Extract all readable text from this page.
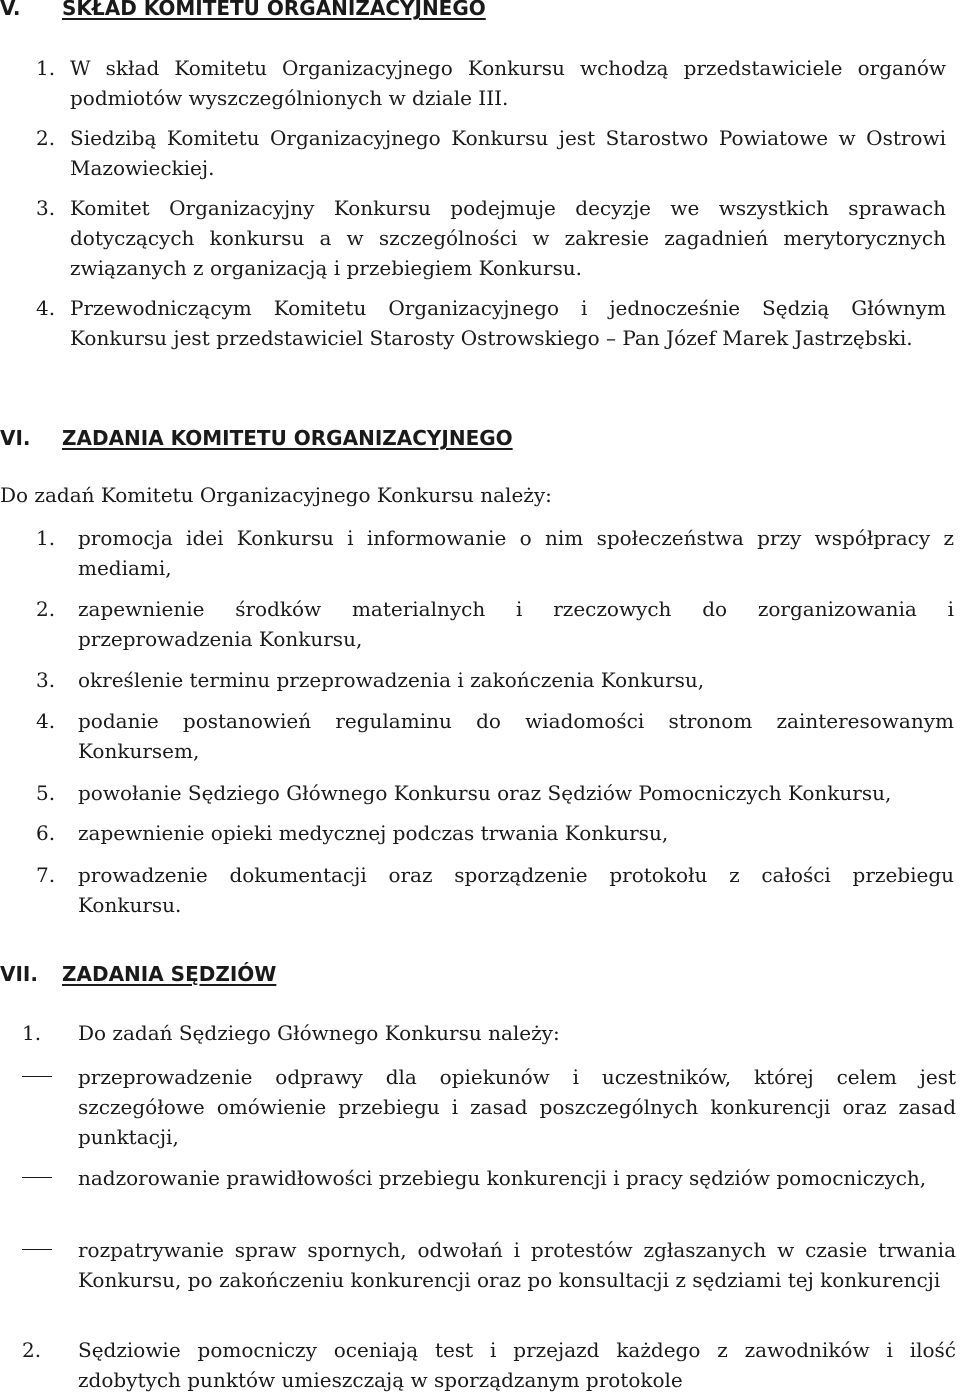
V. SKŁAD KOMITETU ORGANIZACYJNEGO
1. W skład Komitetu Organizacyjnego Konkursu wchodzą przedstawiciele organów podmiotów wyszczególnionych w dziale III.
2. Siedzibą Komitetu Organizacyjnego Konkursu jest Starostwo Powiatowe w Ostrowi Mazowieckiej.
3. Komitet Organizacyjny Konkursu podejmuje decyzje we wszystkich sprawach dotyczących konkursu a w szczególności w zakresie zagadnień merytorycznych związanych z organizacją i przebiegiem Konkursu.
4. Przewodniczącym Komitetu Organizacyjnego i jednocześnie Sędzią Głównym Konkursu jest przedstawiciel Starosty Ostrowskiego – Pan Józef Marek Jastrzębski.
VI. ZADANIA KOMITETU ORGANIZACYJNEGO
Do zadań Komitetu Organizacyjnego Konkursu należy:
1. promocja idei Konkursu i informowanie o nim społeczeństwa przy współpracy z mediami,
2. zapewnienie środków materialnych i rzeczowych do zorganizowania i przeprowadzenia Konkursu,
3. określenie terminu przeprowadzenia i zakończenia Konkursu,
4. podanie postanowień regulaminu do wiadomości stronom zainteresowanym Konkursem,
5. powołanie Sędziego Głównego Konkursu oraz Sędziów Pomocniczych Konkursu,
6. zapewnienie opieki medycznej podczas trwania Konkursu,
7. prowadzenie dokumentacji oraz sporządzenie protokołu z całości przebiegu Konkursu.
VII. ZADANIA SĘDZIÓW
1. Do zadań Sędziego Głównego Konkursu należy:
przeprowadzenie odprawy dla opiekunów i uczestników, której celem jest szczegółowe omówienie przebiegu i zasad poszczególnych konkurencji oraz zasad punktacji,
nadzorowanie prawidłowości przebiegu konkurencji i pracy sędziów pomocniczych,
rozpatrywanie spraw spornych, odwołań i protestów zgłaszanych w czasie trwania Konkursu, po zakończeniu konkurencji oraz po konsultacji z sędziami tej konkurencji
2. Sędziowie pomocniczy oceniają test i przejazd każdego z zawodników i ilość zdobytych punktów umieszczają w sporządzanym protokole
